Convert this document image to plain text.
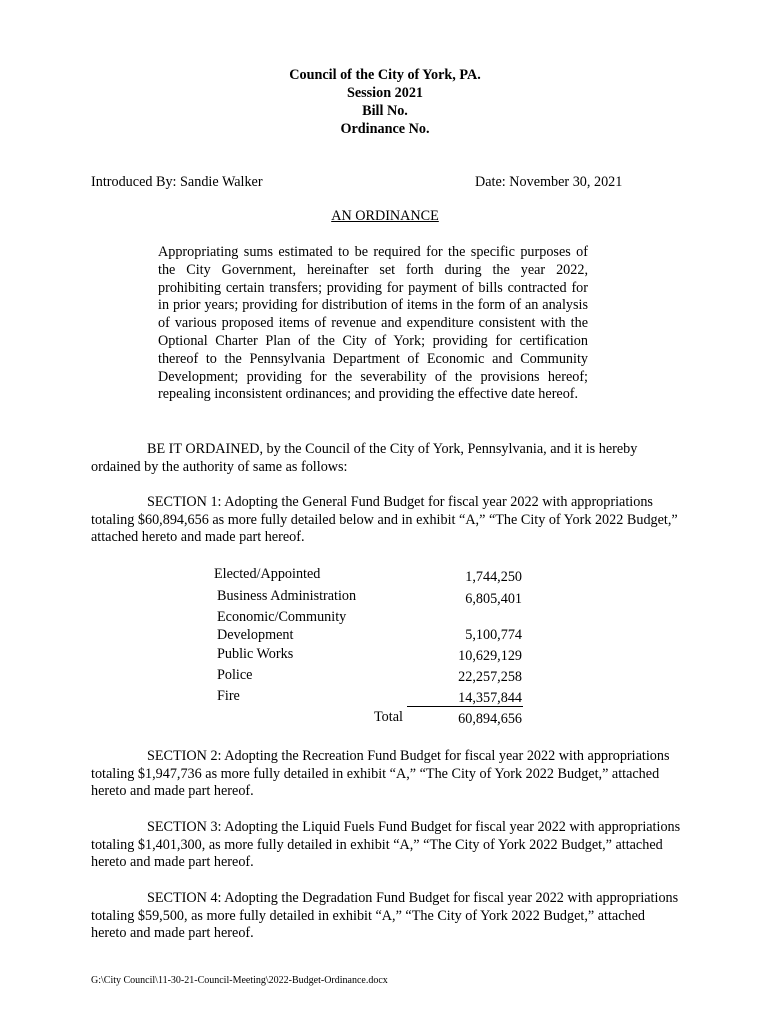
Council of the City of York, PA.
Session 2021
Bill No.
Ordinance No.
Introduced By: Sandie Walker	Date: November 30, 2021
AN ORDINANCE
Appropriating sums estimated to be required for the specific purposes of the City Government, hereinafter set forth during the year 2022, prohibiting certain transfers; providing for payment of bills contracted for in prior years; providing for distribution of items in the form of an analysis of various proposed items of revenue and expenditure consistent with the Optional Charter Plan of the City of York; providing for certification thereof to the Pennsylvania Department of Economic and Community Development; providing for the severability of the provisions hereof; repealing inconsistent ordinances; and providing the effective date hereof.
BE IT ORDAINED, by the Council of the City of York, Pennsylvania, and it is hereby ordained by the authority of same as follows:
SECTION 1: Adopting the General Fund Budget for fiscal year 2022 with appropriations totaling $60,894,656 as more fully detailed below and in exhibit “A,” “The City of York 2022 Budget,” attached hereto and made part hereof.
Elected/Appointed	1,744,250
Business Administration	6,805,401
Economic/Community
Development	5,100,774
Public Works	10,629,129
Police	22,257,258
Fire	14,357,844
Total	60,894,656
SECTION 2: Adopting the Recreation Fund Budget for fiscal year 2022 with appropriations totaling $1,947,736 as more fully detailed in exhibit “A,” “The City of York 2022 Budget,” attached hereto and made part hereof.
SECTION 3: Adopting the Liquid Fuels Fund Budget for fiscal year 2022 with appropriations totaling $1,401,300, as more fully detailed in exhibit “A,” “The City of York 2022 Budget,” attached hereto and made part hereof.
SECTION 4: Adopting the Degradation Fund Budget for fiscal year 2022 with appropriations totaling $59,500, as more fully detailed in exhibit “A,” “The City of York 2022 Budget,” attached hereto and made part hereof.
G:\City Council\11-30-21-Council-Meeting\2022-Budget-Ordinance.docx
